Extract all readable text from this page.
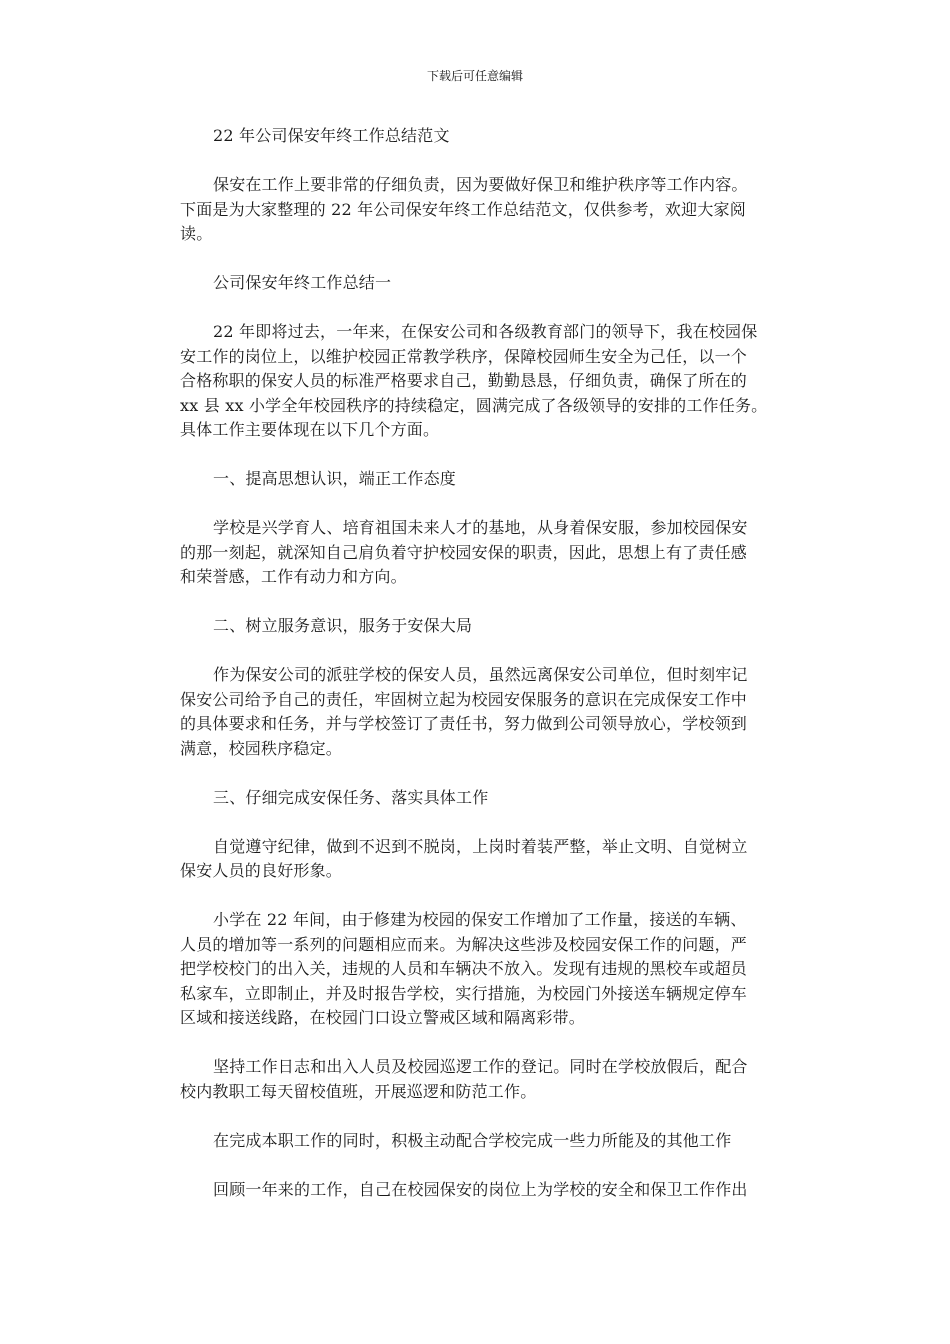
下载后可任意编辑
22 年公司保安年终工作总结范文
保安在工作上要非常的仔细负责，因为要做好保卫和维护秩序等工作内容。
下面是为大家整理的 22 年公司保安年终工作总结范文，仅供参考，欢迎大家阅
读。
公司保安年终工作总结一
22 年即将过去，一年来，在保安公司和各级教育部门的领导下，我在校园保
安工作的岗位上，以维护校园正常教学秩序，保障校园师生安全为己任，以一个
合格称职的保安人员的标准严格要求自己，勤勤恳恳，仔细负责，确保了所在的
xx 县 xx 小学全年校园秩序的持续稳定，圆满完成了各级领导的安排的工作任务。
具体工作主要体现在以下几个方面。
一、提高思想认识，端正工作态度
学校是兴学育人、培育祖国未来人才的基地，从身着保安服，参加校园保安
的那一刻起，就深知自己肩负着守护校园安保的职责，因此，思想上有了责任感
和荣誉感，工作有动力和方向。
二、树立服务意识，服务于安保大局
作为保安公司的派驻学校的保安人员，虽然远离保安公司单位，但时刻牢记
保安公司给予自己的责任，牢固树立起为校园安保服务的意识在完成保安工作中
的具体要求和任务，并与学校签订了责任书，努力做到公司领导放心，学校领到
满意，校园秩序稳定。
三、仔细完成安保任务、落实具体工作
自觉遵守纪律，做到不迟到不脱岗，上岗时着装严整，举止文明、自觉树立
保安人员的良好形象。
小学在 22 年间，由于修建为校园的保安工作增加了工作量，接送的车辆、
人员的增加等一系列的问题相应而来。为解决这些涉及校园安保工作的问题，严
把学校校门的出入关，违规的人员和车辆决不放入。发现有违规的黑校车或超员
私家车，立即制止，并及时报告学校，实行措施，为校园门外接送车辆规定停车
区域和接送线路，在校园门口设立警戒区域和隔离彩带。
坚持工作日志和出入人员及校园巡逻工作的登记。同时在学校放假后，配合
校内教职工每天留校值班，开展巡逻和防范工作。
在完成本职工作的同时，积极主动配合学校完成一些力所能及的其他工作
回顾一年来的工作，自己在校园保安的岗位上为学校的安全和保卫工作作出
